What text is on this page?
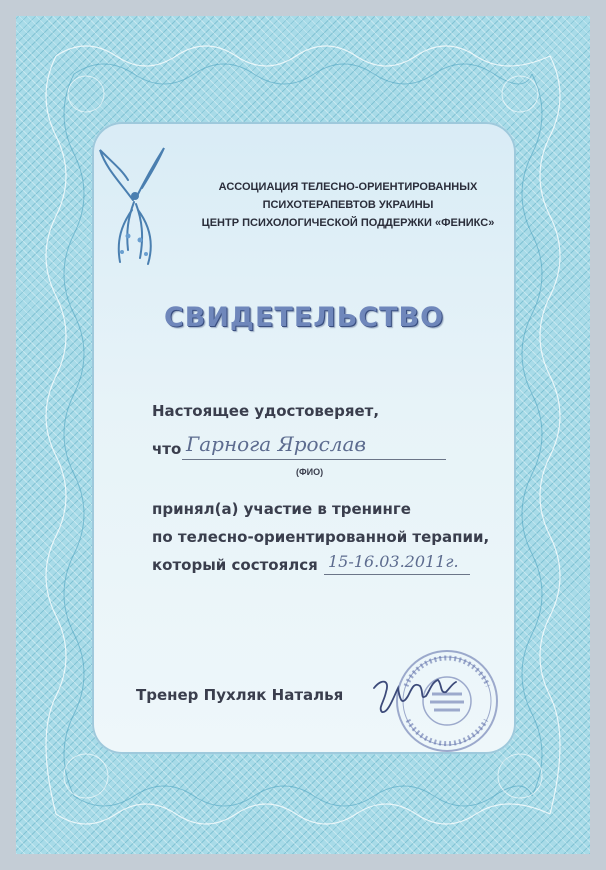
АССОЦИАЦИЯ ТЕЛЕСНО-ОРИЕНТИРОВАННЫХ
ПСИХОТЕРАПЕВТОВ УКРАИНЫ
ЦЕНТР ПСИХОЛОГИЧЕСКОЙ ПОДДЕРЖКИ «ФЕНИКС»
СВИДЕТЕЛЬСТВО
Настоящее удостоверяет,
что Гарнога Ярослав
(ФИО)
принял(а) участие в тренинге
по телесно-ориентированной терапии,
который состоялся 15-16.03.2011г.
Тренер Пухляк Наталья
